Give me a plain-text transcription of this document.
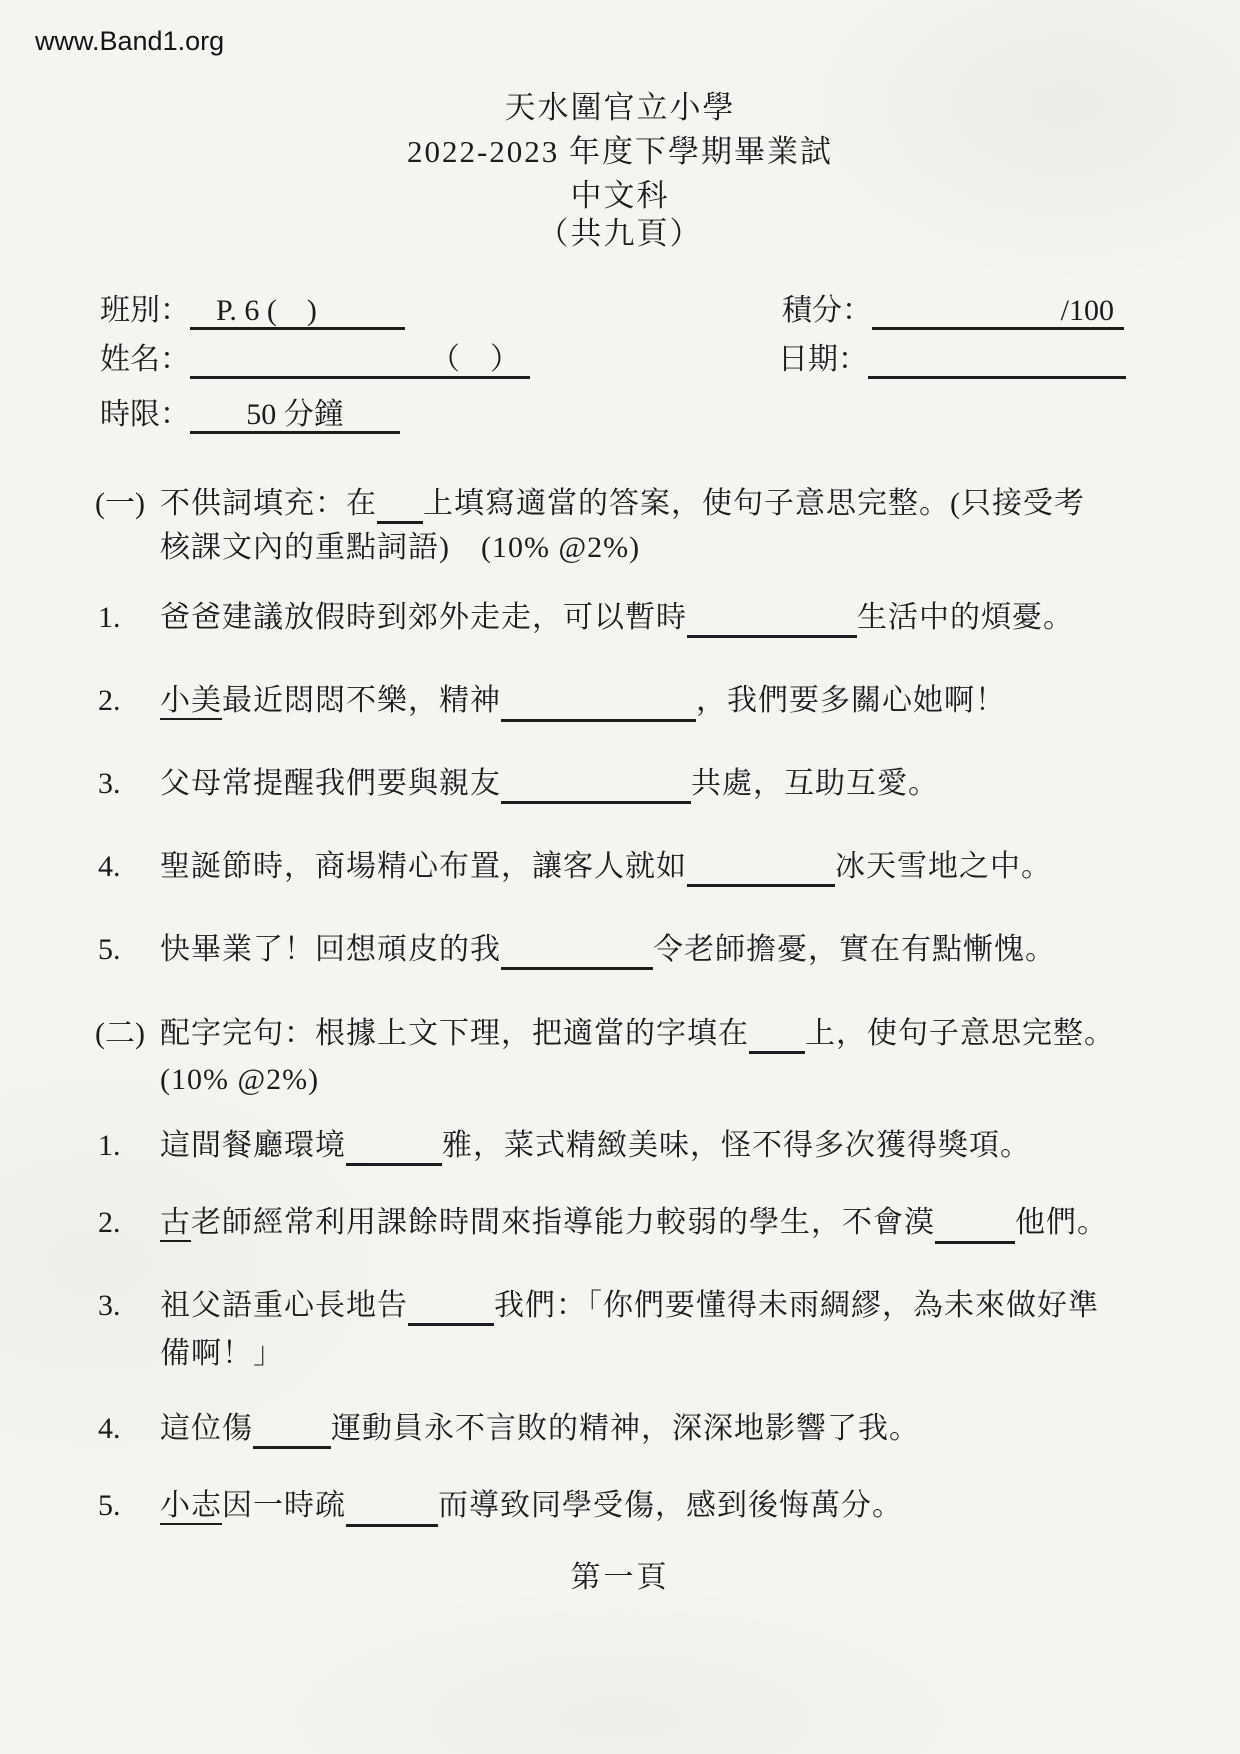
www.Band1.org
天水圍官立小學
2022-2023 年度下學期畢業試
中文科
（共九頁）
班別： P. 6 (　)	積分：	/100
姓名：	（　）	日期：
時限： 50 分鐘
(一) 不供詞填充：在 上填寫適當的答案，使句子意思完整。(只接受考
核課文內的重點詞語)　(10% @2%)
1. 爸爸建議放假時到郊外走走，可以暫時	生活中的煩憂。
2. 小美最近悶悶不樂，精神	，我們要多關心她啊！
3. 父母常提醒我們要與親友	共處，互助互愛。
4. 聖誕節時，商場精心布置，讓客人就如	冰天雪地之中。
5. 快畢業了！回想頑皮的我	令老師擔憂，實在有點慚愧。
(二) 配字完句：根據上文下理，把適當的字填在 上，使句子意思完整。
(10% @2%)
1. 這間餐廳環境	雅，菜式精緻美味，怪不得多次獲得獎項。
2. 古老師經常利用課餘時間來指導能力較弱的學生，不會漠	他們。
3. 祖父語重心長地告	我們：「你們要懂得未雨綢繆，為未來做好準
備啊！」
4. 這位傷	運動員永不言敗的精神，深深地影響了我。
5. 小志因一時疏	而導致同學受傷，感到後悔萬分。
第一頁
